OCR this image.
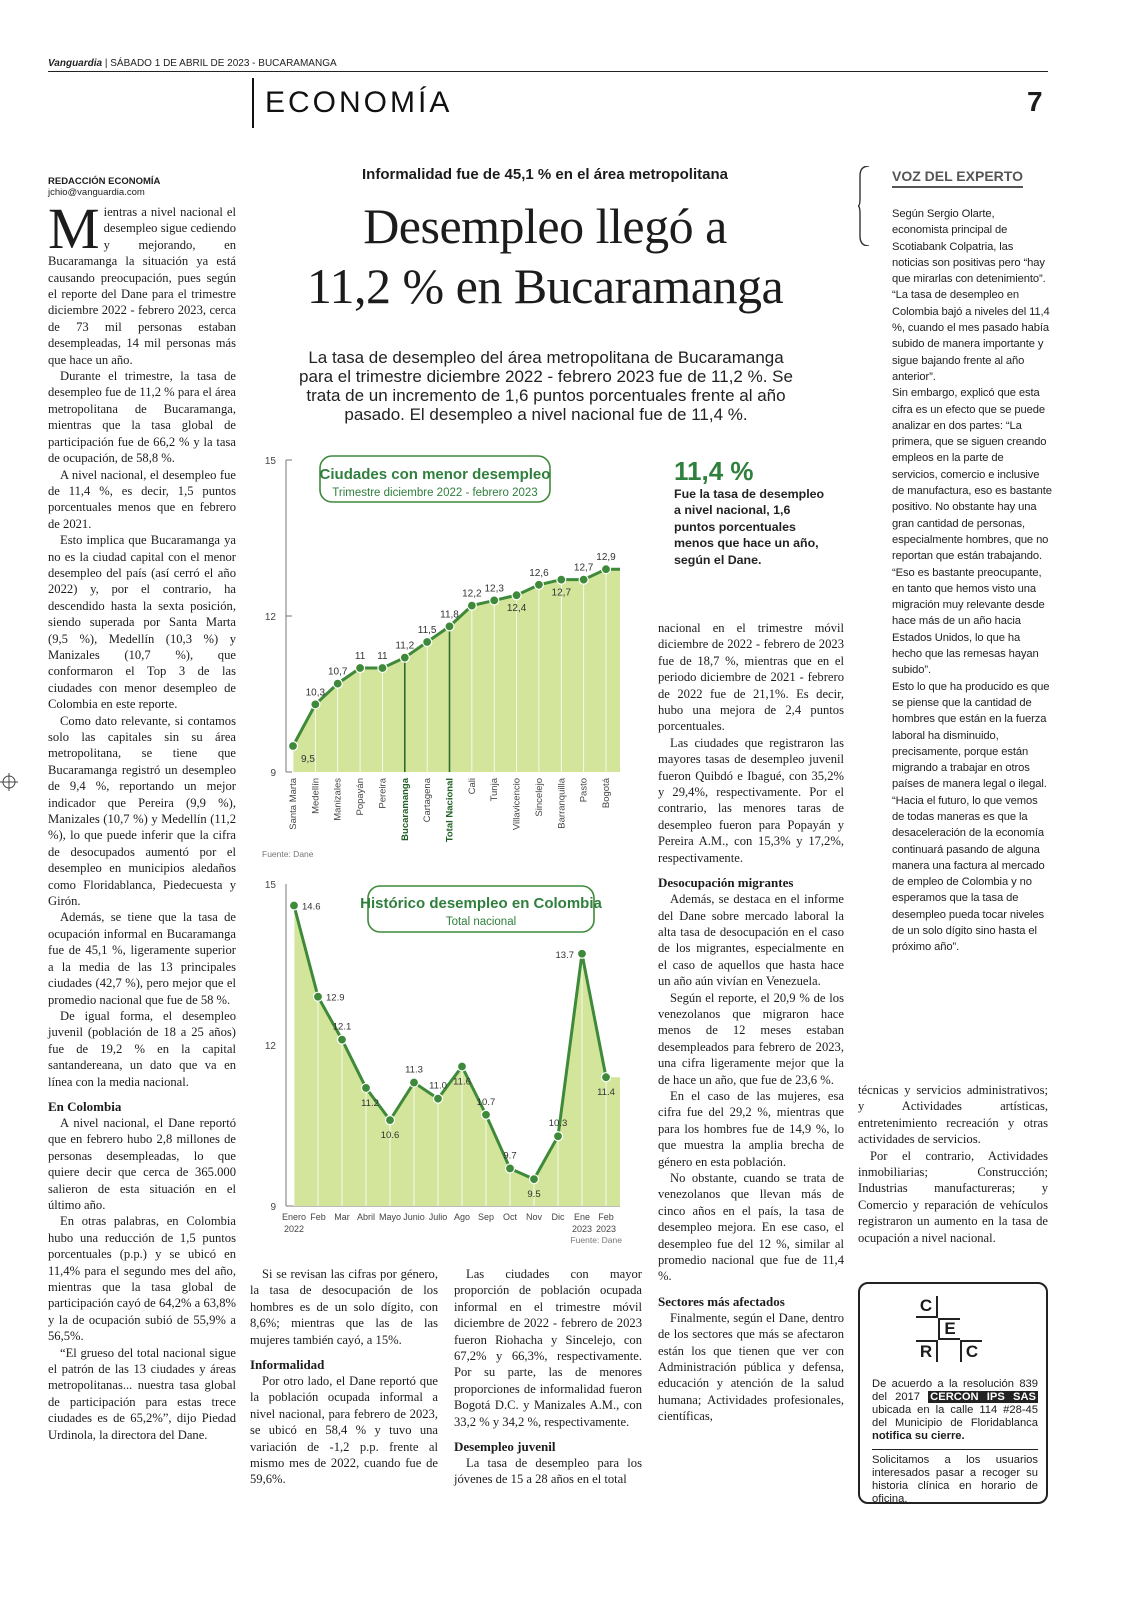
Vanguardia | SÁBADO 1 DE ABRIL DE 2023 - BUCARAMANGA
ECONOMÍA	7
REDACCIÓN ECONOMÍA
jchio@vanguardia.com
Informalidad fue de 45,1 % en el área metropolitana
Desempleo llegó a
11,2 % en Bucaramanga
La tasa de desempleo del área metropolitana de Bucaramanga para el trimestre diciembre 2022 - febrero 2023 fue de 11,2 %. Se trata de un incremento de 1,6 puntos porcentuales frente al año pasado. El desempleo a nivel nacional fue de 11,4 %.

Mientras a nivel nacional el desempleo sigue cediendo y mejorando, en Bucaramanga la situación ya está causando preocupación, pues según el reporte del Dane para el trimestre diciembre 2022 - febrero 2023, cerca de 73 mil personas estaban desempleadas, 14 mil personas más que hace un año.

Durante el trimestre, la tasa de desempleo fue de 11,2 % para el área metropolitana de Bucaramanga, mientras que la tasa global de participación fue de 66,2 % y la tasa de ocupación, de 58,8 %.

A nivel nacional, el desempleo fue de 11,4 %, es decir, 1,5 puntos porcentuales menos que en febrero de 2021.

Esto implica que Bucaramanga ya no es la ciudad capital con el menor desempleo del país (así cerró el año 2022) y, por el contrario, ha descendido hasta la sexta posición, siendo superada por Santa Marta (9,5 %), Medellín (10,3 %) y Manizales (10,7 %), que conformaron el Top 3 de las ciudades con menor desempleo de Colombia en este reporte.

Como dato relevante, si contamos solo las capitales sin su área metropolitana, se tiene que Bucaramanga registró un desempleo de 9,4 %, reportando un mejor indicador que Pereira (9,9 %), Manizales (10,7 %) y Medellín (11,2 %), lo que puede inferir que la cifra de desocupados aumentó por el desempleo en municipios aledaños como Floridablanca, Piedecuesta y Girón.

Además, se tiene que la tasa de ocupación informal en Bucaramanga fue de 45,1 %, ligeramente superior a la media de las 13 principales ciudades (42,7 %), pero mejor que el promedio nacional que fue de 58 %.

De igual forma, el desempleo juvenil (población de 18 a 25 años) fue de 19,2 % en la capital santandereana, un dato que va en línea con la media nacional.

En Colombia

A nivel nacional, el Dane reportó que en febrero hubo 2,8 millones de personas desempleadas, lo que quiere decir que cerca de 365.000 salieron de esta situación en el último año.

En otras palabras, en Colombia hubo una reducción de 1,5 puntos porcentuales (p.p.) y se ubicó en 11,4% para el segundo mes del año, mientras que la tasa global de participación cayó de 64,2% a 63,8% y la de ocupación subió de 55,9% a 56,5%.

“El grueso del total nacional sigue el patrón de las 13 ciudades y áreas metropolitanas... nuestra tasa global de participación para estas trece ciudades es de 65,2%”, dijo Piedad Urdinola, la directora del Dane.

9
12
15
9,5
10,3
10,7
11 11
11,2
11,5
11,8
12,2 12,3
12,4
12,6
12,7
12,7
12,9
Santa Marta Medellín Manizales Popayán Pereira Bucaramanga Cartagena Total Nacional Cali Tunja Villavicencio Sincelejo Barranquilla Pasto Bogotá
Ciudades con menor desempleo
Trimestre diciembre 2022 - febrero 2023
Fuente: Dane
9
12
15
14.6
12.9
12.1
11.2
10.6
11.3
11.0 11.6
10.7
9.7
9.5
10.3
13.7
11.4
Enero Feb Mar Abril Mayo Junio Julio Ago Sep Oct Nov Dic Ene Feb
2022	2023 2023
Fuente: Dane
Histórico desempleo en Colombia
Total nacional
11,4 %
Fue la tasa de desempleo a nivel nacional, 1,6 puntos porcentuales menos que hace un año, según el Dane.

Si se revisan las cifras por género, la tasa de desocupación de los hombres es de un solo dígito, con 8,6%; mientras que las de las mujeres también cayó, a 15%.

Informalidad

Por otro lado, el Dane reportó que la población ocupada informal a nivel nacional, para febrero de 2023, se ubicó en 58,4 % y tuvo una variación de -1,2 p.p. frente al mismo mes de 2022, cuando fue de 59,6%.

Las ciudades con mayor proporción de población ocupada informal en el trimestre móvil diciembre de 2022 - febrero de 2023 fueron Riohacha y Sincelejo, con 67,2% y 66,3%, respectivamente. Por su parte, las de menores proporciones de informalidad fueron Bogotá D.C. y Manizales A.M., con 33,2 % y 34,2 %, respectivamente.

Desempleo juvenil

La tasa de desempleo para los jóvenes de 15 a 28 años en el total

nacional en el trimestre móvil diciembre de 2022 - febrero de 2023 fue de 18,7 %, mientras que en el periodo diciembre de 2021 - febrero de 2022 fue de 21,1%. Es decir, hubo una mejora de 2,4 puntos porcentuales.

Las ciudades que registraron las mayores tasas de desempleo juvenil fueron Quibdó e Ibagué, con 35,2% y 29,4%, respectivamente. Por el contrario, las menores taras de desempleo fueron para Popayán y Pereira A.M., con 15,3% y 17,2%, respectivamente.

Desocupación migrantes

Además, se destaca en el informe del Dane sobre mercado laboral la alta tasa de desocupación en el caso de los migrantes, especialmente en el caso de aquellos que hasta hace un año aún vivían en Venezuela.

Según el reporte, el 20,9 % de los venezolanos que migraron hace menos de 12 meses estaban desempleados para febrero de 2023, una cifra ligeramente mejor que la de hace un año, que fue de 23,6 %.

En el caso de las mujeres, esa cifra fue del 29,2 %, mientras que para los hombres fue de 14,9 %, lo que muestra la amplia brecha de género en esta población.

No obstante, cuando se trata de venezolanos que llevan más de cinco años en el país, la tasa de desempleo mejora. En ese caso, el desempleo fue del 12 %, similar al promedio nacional que fue de 11,4 %.

Sectores más afectados

Finalmente, según el Dane, dentro de los sectores que más se afectaron están los que tienen que ver con Administración pública y defensa, educación y atención de la salud humana; Actividades profesionales, científicas,

técnicas y servicios administrativos; y Actividades artísticas, entretenimiento recreación y otras actividades de servicios.

Por el contrario, Actividades inmobiliarias; Construcción; Industrias manufactureras; y Comercio y reparación de vehículos registraron un aumento en la tasa de ocupación a nivel nacional.

VOZ DEL EXPERTO
Según Sergio Olarte, economista principal de Scotiabank Colpatria, las noticias son positivas pero “hay que mirarlas con detenimiento”.
“La tasa de desempleo en Colombia bajó a niveles del 11,4 %, cuando el mes pasado había subido de manera importante y sigue bajando frente al año anterior”.
Sin embargo, explicó que esta cifra es un efecto que se puede analizar en dos partes: “La primera, que se siguen creando empleos en la parte de servicios, comercio e inclusive de manufactura, eso es bastante positivo. No obstante hay una gran cantidad de personas, especialmente hombres, que no reportan que están trabajando.
“Eso es bastante preocupante, en tanto que hemos visto una migración muy relevante desde hace más de un año hacia Estados Unidos, lo que ha hecho que las remesas hayan subido”.
Esto lo que ha producido es que se piense que la cantidad de hombres que están en la fuerza laboral ha disminuido, precisamente, porque están migrando a trabajar en otros países de manera legal o ilegal.
“Hacia el futuro, lo que vemos de todas maneras es que la desaceleración de la economía continuará pasando de alguna manera una factura al mercado de empleo de Colombia y no esperamos que la tasa de desempleo pueda tocar niveles de un solo dígito sino hasta el próximo año”.
C
E
R	C
De acuerdo a la resolución 839 del 2017 CERCON IPS SAS ubicada en la calle 114 #28-45 del Municipio de Floridablanca notifica su cierre.
Solicitamos a los usuarios interesados pasar a recoger su historia clínica en horario de oficina.
